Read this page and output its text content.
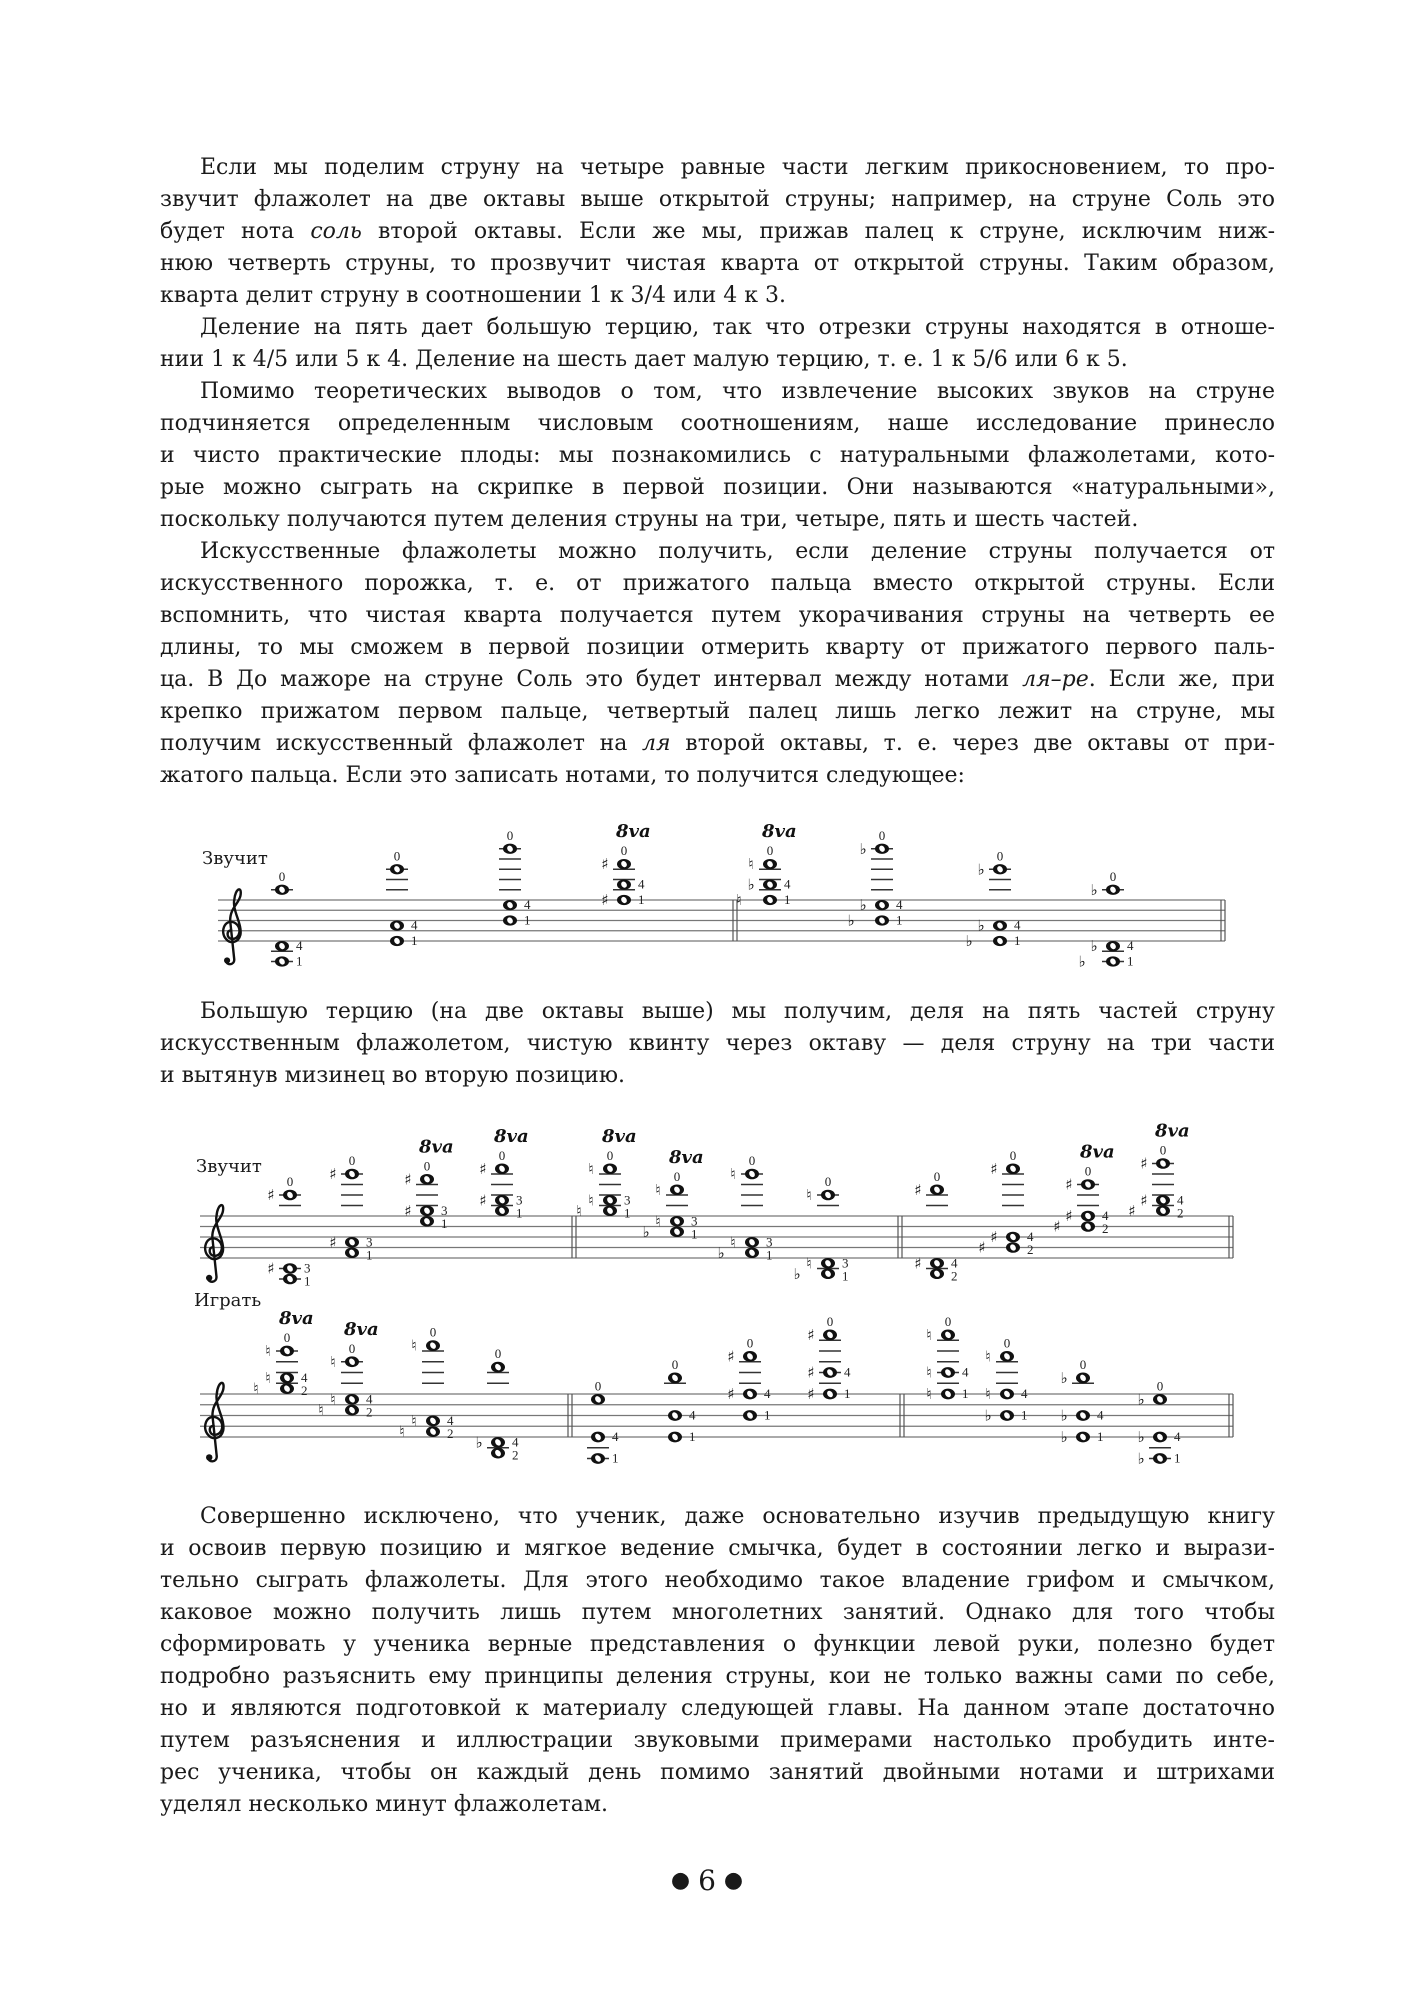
Если мы поделим струну на четыре равные части легким прикосновением, то про-
звучит флажолет на две октавы выше открытой струны; например, на струне Соль это
будет нота соль второй октавы. Если же мы, прижав палец к струне, исключим ниж-
нюю четверть струны, то прозвучит чистая кварта от открытой струны. Таким образом,
кварта делит струну в соотношении 1 к 3/4 или 4 к 3.
Деление на пять дает большую терцию, так что отрезки струны находятся в отноше-
нии 1 к 4/5 или 5 к 4. Деление на шесть дает малую терцию, т. е. 1 к 5/6 или 6 к 5.
Помимо теоретических выводов о том, что извлечение высоких звуков на струне
подчиняется определенным числовым соотношениям, наше исследование принесло
и чисто практические плоды: мы познакомились с натуральными флажолетами, кото-
рые можно сыграть на скрипке в первой позиции. Они называются «натуральными»,
поскольку получаются путем деления струны на три, четыре, пять и шесть частей.
Искусственные флажолеты можно получить, если деление струны получается от
искусственного порожка, т. е. от прижатого пальца вместо открытой струны. Если
вспомнить, что чистая кварта получается путем укорачивания струны на четверть ее
длины, то мы сможем в первой позиции отмерить кварту от прижатого первого паль-
ца. В До мажоре на струне Соль это будет интервал между нотами ля–ре. Если же, при
крепко прижатом первом пальце, четвертый палец лишь легко лежит на струне, мы
получим искусственный флажолет на ля второй октавы, т. е. через две октавы от при-
жатого пальца. Если это записать нотами, то получится следующее:
Звучит
0
4
1
0
4
1
0
4
1
♯
0
4
♯ 1
8va
♮
0
♭ 4
♮	1
8va
♭
0
♭ 4
♭	1
♭
0
♭ 4
♭	1
♭
0
♭ 4
♭	1
Звучит
Играть
♯
0
♯ 3
1
♯
0
♯ 3
1
♯
0
♯ 3
1
8va
♯
0
♯ 3
1
8va
♮
0
♮ 3
♮	1
8va
♮
0
♮ 3
♭	1
8va
♮
0
♮ 3
♭	1
♮
0
♮ 3
♭	1
♯
0
♯ 4
2
♯
0
♯ 4
♯	2
♯
0
♯ 4
♯	2
8va
♯
0
♯ 4
♯	2
8va
♮
0
♮ 4
♮	2
8va
♮
0
♮ 4
♮	2
8va
♮
0
♮ 4
♮	2
0
♭ 4
2
0
4
1
0
4
1
♯
0
♯ 4
1
♯
0
♯ 4
♯ 1
♮
0
♮ 4
♮ 1
♮
0
♮ 4
♭ 1
♭
0
♭ 4
♭ 1
♭
0
♭ 4
♭ 1
Большую терцию (на две октавы выше) мы получим, деля на пять частей струну
искусственным флажолетом, чистую квинту через октаву — деля струну на три части
и вытянув мизинец во вторую позицию.
Совершенно исключено, что ученик, даже основательно изучив предыдущую книгу
и освоив первую позицию и мягкое ведение смычка, будет в состоянии легко и вырази-
тельно сыграть флажолеты. Для этого необходимо такое владение грифом и смычком,
каковое можно получить лишь путем многолетних занятий. Однако для того чтобы
сформировать у ученика верные представления о функции левой руки, полезно будет
подробно разъяснить ему принципы деления струны, кои не только важны сами по себе,
но и являются подготовкой к материалу следующей главы. На данном этапе достаточно
путем разъяснения и иллюстрации звуковыми примерами настолько пробудить инте-
рес ученика, чтобы он каждый день помимо занятий двойными нотами и штрихами
уделял несколько минут флажолетам.
● 6 ●
